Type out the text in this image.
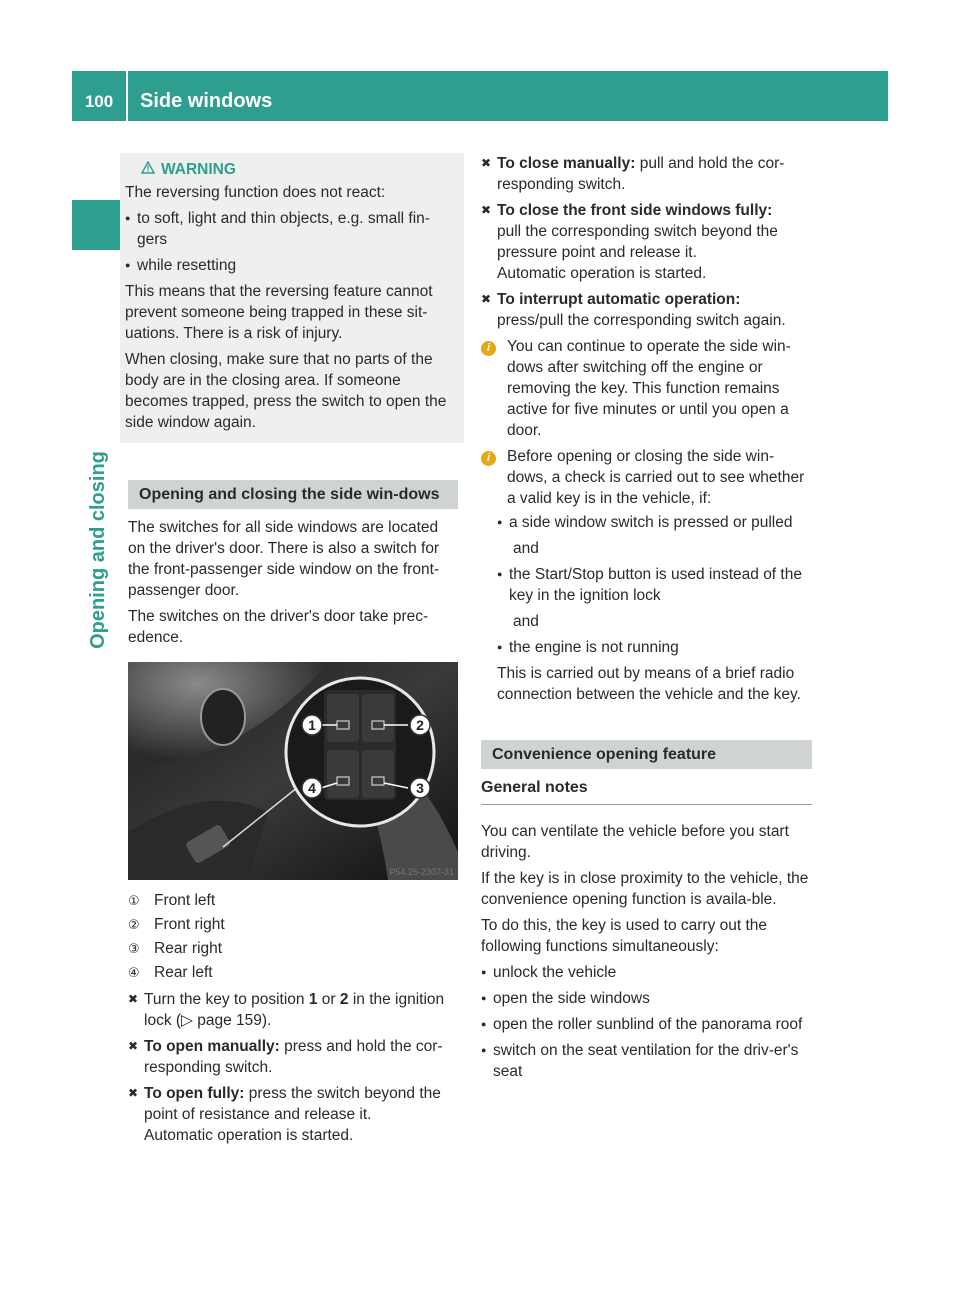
100	Side windows
Opening and closing
WARNING

The reversing function does not react:

● to soft, light and thin objects, e.g. small fin-gers
● while resetting

This means that the reversing feature cannot prevent someone being trapped in these sit-uations. There is a risk of injury.

When closing, make sure that no parts of the body are in the closing area. If someone becomes trapped, press the switch to open the side window again.

Opening and closing the side win-dows

The switches for all side windows are located on the driver's door. There is also a switch for the front-passenger side window on the front-passenger door.

The switches on the driver's door take prec-edence.

1	2
3
4
P54.25-2307-31
① Front left
② Front right
③ Rear right
④ Rear left
✖ Turn the key to position 1 or 2 in the ignition lock (▷ page 159).
✖ To open manually: press and hold the cor-responding switch.
✖ To open fully: press the switch beyond the point of resistance and release it.
Automatic operation is started.
✖ To close manually: pull and hold the cor-responding switch.
✖ To close the front side windows fully:
pull the corresponding switch beyond the pressure point and release it.
Automatic operation is started.
✖ To interrupt automatic operation:
press/pull the corresponding switch again.
i	You can continue to operate the side win-dows after switching off the engine or removing the key. This function remains active for five minutes or until you open a door.
i	Before opening or closing the side win-dows, a check is carried out to see whether a valid key is in the vehicle, if:
● a side window switch is pressed or pulled

and

● the Start/Stop button is used instead of the key in the ignition lock

and

● the engine is not running

This is carried out by means of a brief radio connection between the vehicle and the key.

Convenience opening feature
General notes

You can ventilate the vehicle before you start driving.

If the key is in close proximity to the vehicle, the convenience opening function is availa-ble.

To do this, the key is used to carry out the following functions simultaneously:

● unlock the vehicle
● open the side windows
● open the roller sunblind of the panorama roof
● switch on the seat ventilation for the driv-er's seat
